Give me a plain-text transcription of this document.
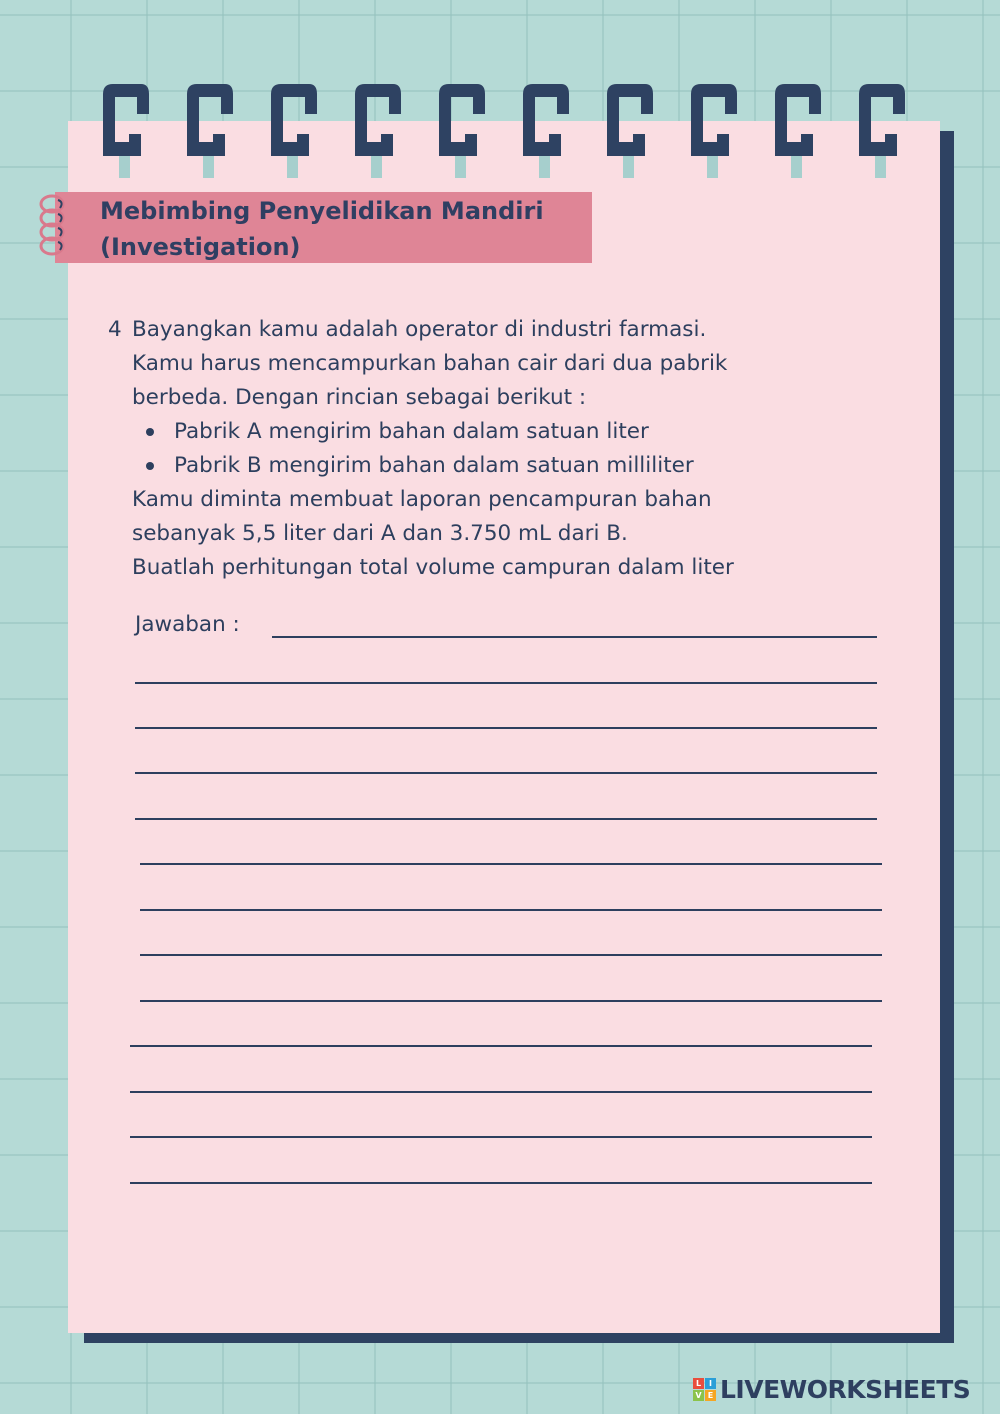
Mebimbing Penyelidikan Mandiri
(Investigation)
4 Bayangkan kamu adalah operator di industri farmasi.

Kamu harus mencampurkan bahan cair dari dua pabrik

berbeda. Dengan rincian sebagai berikut :

Pabrik A mengirim bahan dalam satuan liter
Pabrik B mengirim bahan dalam satuan milliliter

Kamu diminta membuat laporan pencampuran bahan

sebanyak 5,5 liter dari A dan 3.750 mL dari B.

Buatlah perhitungan total volume campuran dalam liter

Jawaban :
L I
V E LIVEWORKSHEETS
